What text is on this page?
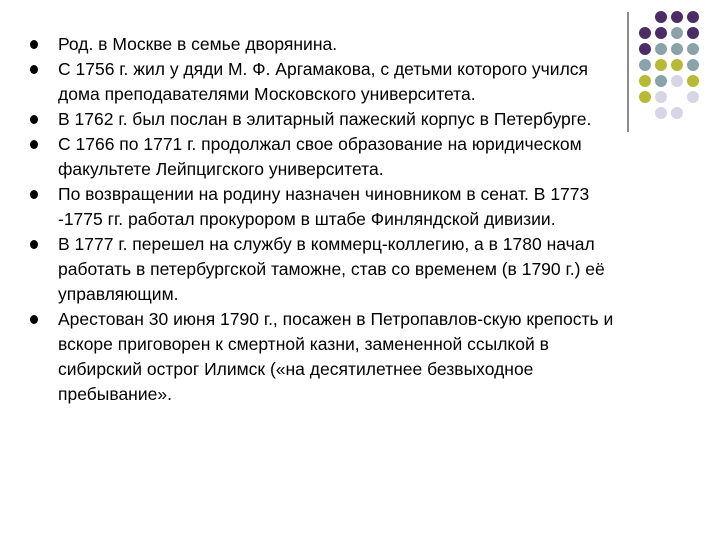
Род. в Москве в семье дворянина.
С 1756 г. жил у дяди М. Ф. Аргамакова, с детьми которого учился дома преподавателями Московского университета.
В 1762 г. был послан в элитарный пажеский корпус в Петербурге.
С 1766 по 1771 г. продолжал свое образование на юридическом факультете Лейпцигского университета.
По возвращении на родину назначен чиновником в сенат. В 1773 -1775 гг. работал прокурором в штабе Финляндской дивизии.
В 1777 г. перешел на службу в коммерц-коллегию, а в 1780 начал работать в петербургской таможне, став со временем (в 1790 г.) её управляющим.
Арестован 30 июня 1790 г., посажен в Петропавлов-скую крепость и вскоре приговорен к смертной казни, замененной ссылкой в сибирский острог Илимск («на десятилетнее безвыходное пребывание».
